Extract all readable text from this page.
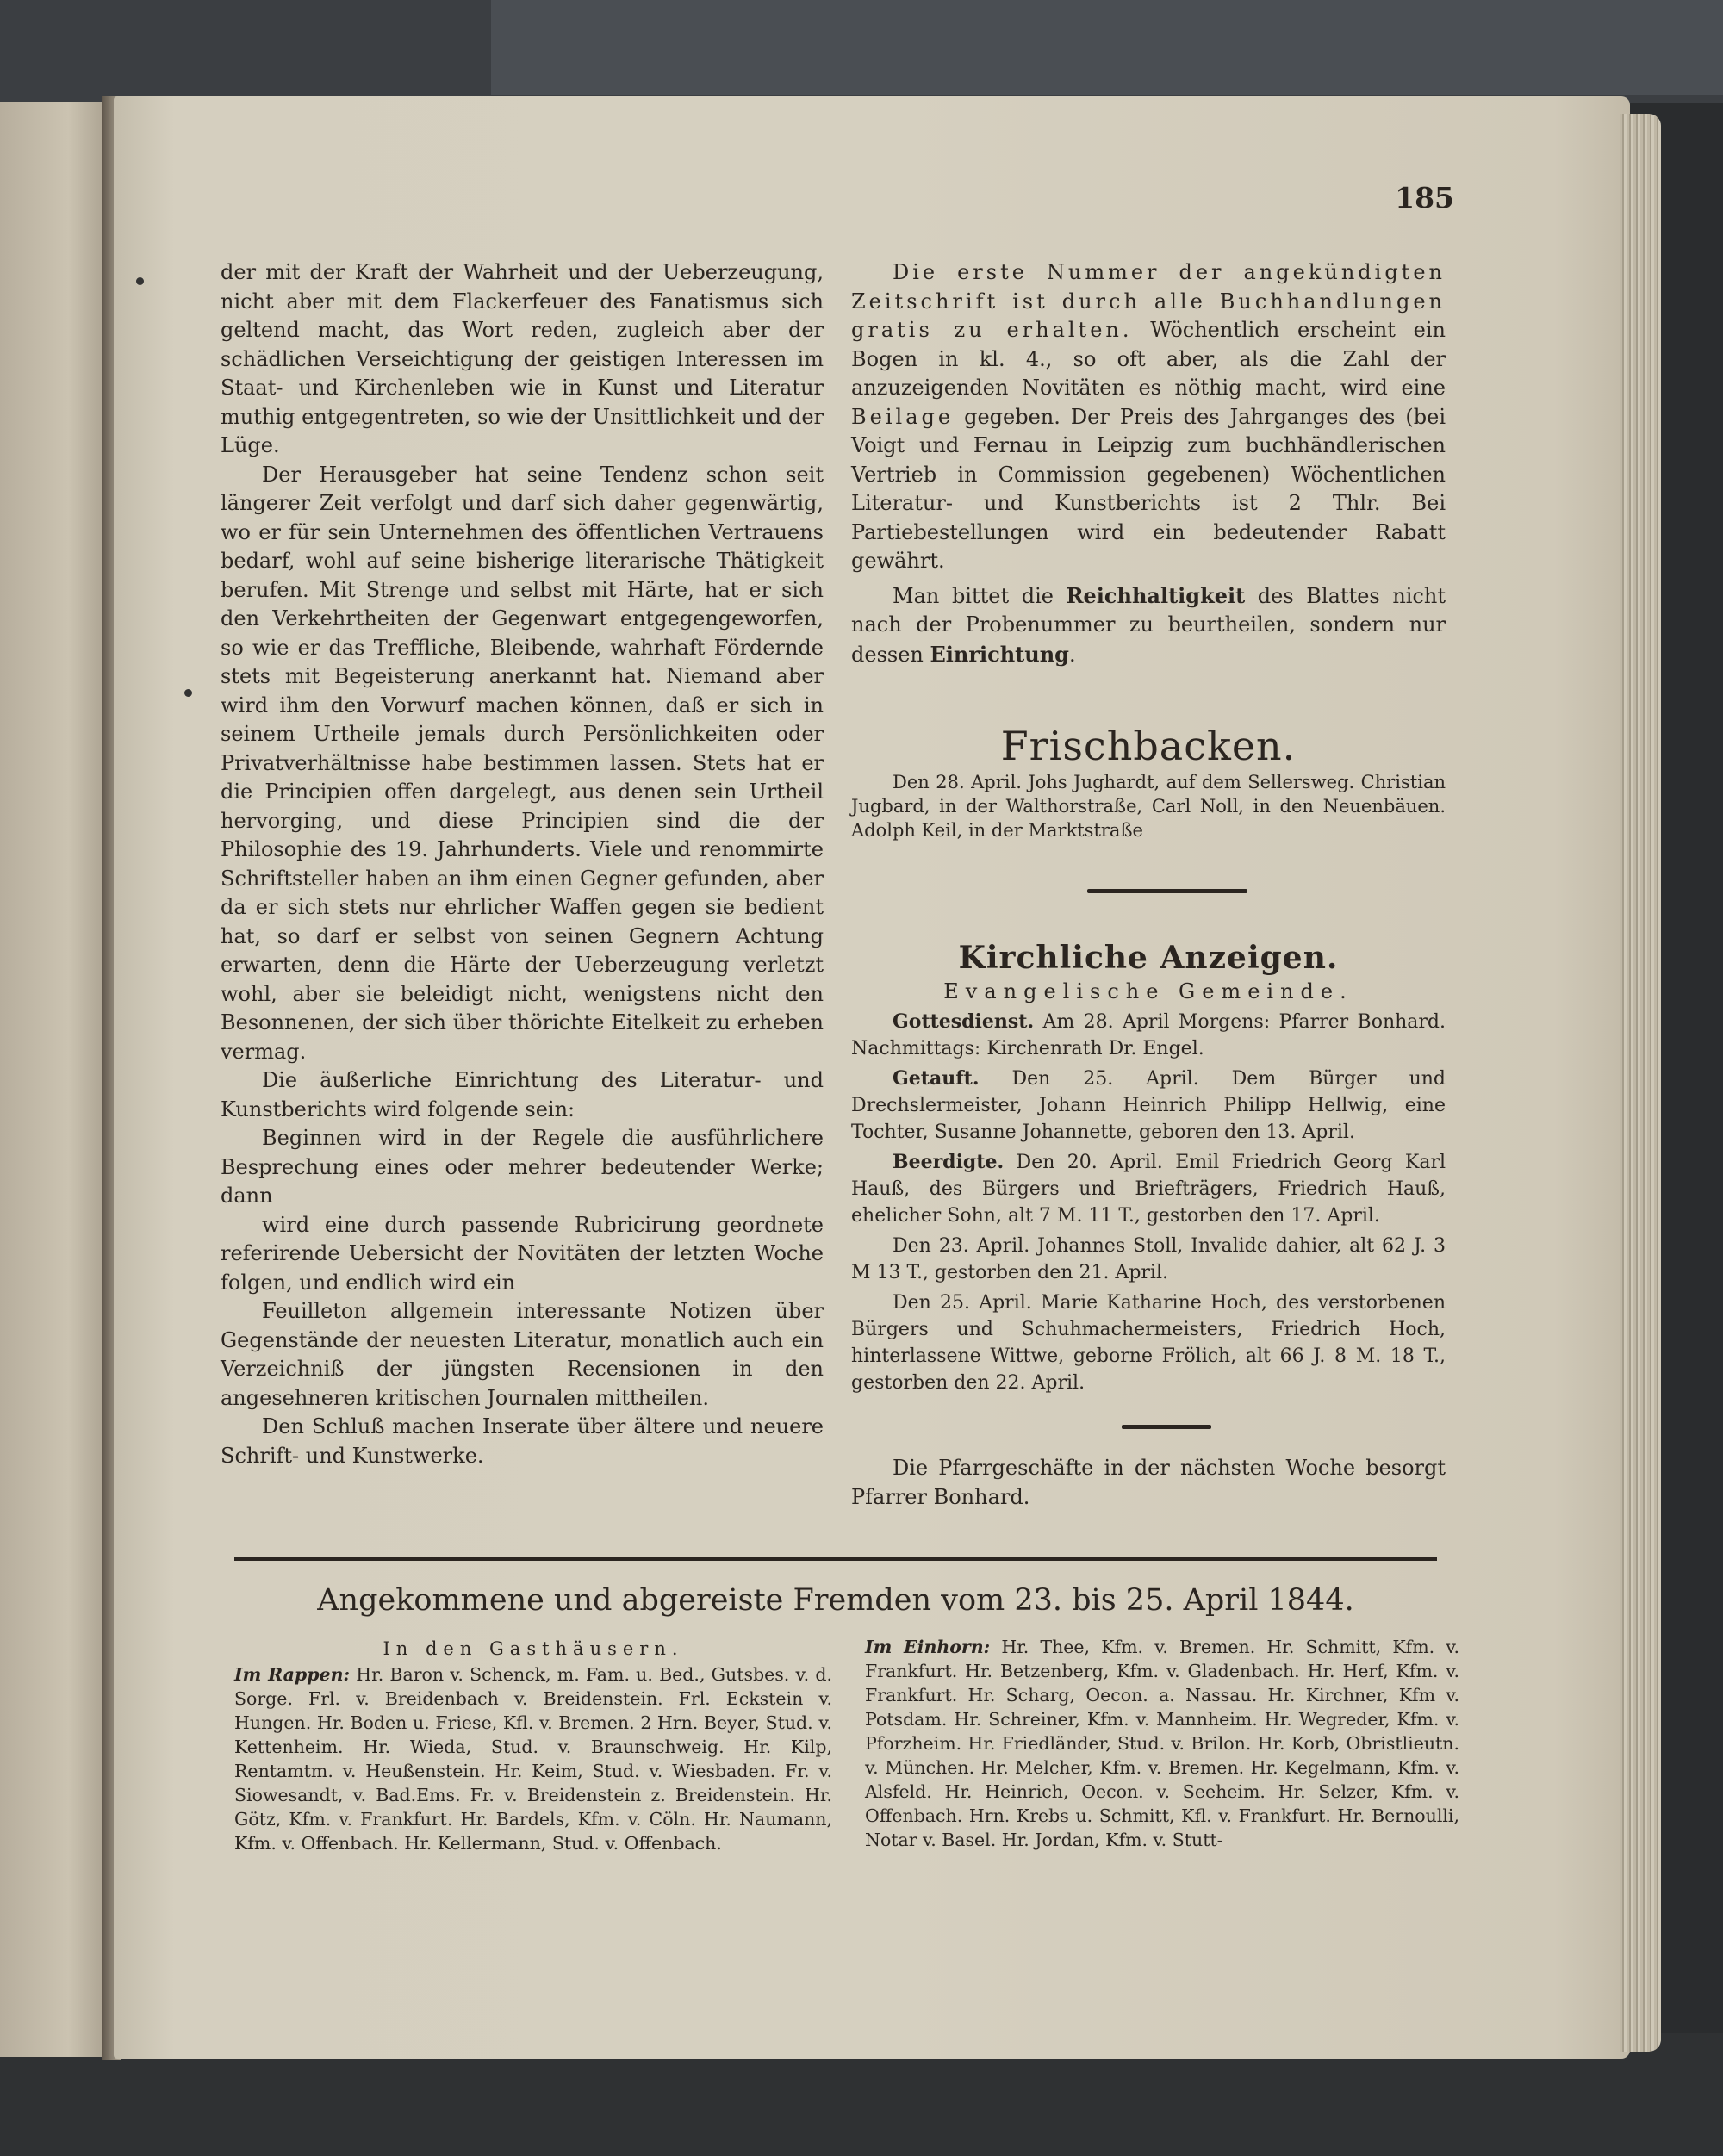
185

der mit der Kraft der Wahrheit und der Ueberzeugung, nicht aber mit dem Flackerfeuer des Fanatismus sich geltend macht, das Wort reden, zugleich aber der schädlichen Verseichtigung der geistigen Interessen im Staat- und Kirchenleben wie in Kunst und Literatur muthig entgegentreten, so wie der Unsittlichkeit und der Lüge.

Der Herausgeber hat seine Tendenz schon seit längerer Zeit verfolgt und darf sich daher gegenwärtig, wo er für sein Unternehmen des öffentlichen Vertrauens bedarf, wohl auf seine bisherige literarische Thätigkeit berufen. Mit Strenge und selbst mit Härte, hat er sich den Verkehrtheiten der Gegenwart entgegengeworfen, so wie er das Treffliche, Bleibende, wahrhaft Fördernde stets mit Begeisterung anerkannt hat. Niemand aber wird ihm den Vorwurf machen können, daß er sich in seinem Urtheile jemals durch Persönlichkeiten oder Privatverhältnisse habe bestimmen lassen. Stets hat er die Principien offen dargelegt, aus denen sein Urtheil hervorging, und diese Principien sind die der Philosophie des 19. Jahrhunderts. Viele und renommirte Schriftsteller haben an ihm einen Gegner gefunden, aber da er sich stets nur ehrlicher Waffen gegen sie bedient hat, so darf er selbst von seinen Gegnern Achtung erwarten, denn die Härte der Ueberzeugung verletzt wohl, aber sie beleidigt nicht, wenigstens nicht den Besonnenen, der sich über thörichte Eitelkeit zu erheben vermag.

Die äußerliche Einrichtung des Literatur- und Kunstberichts wird folgende sein:

Beginnen wird in der Regele die ausführlichere Besprechung eines oder mehrer bedeutender Werke; dann

wird eine durch passende Rubricirung geordnete referirende Uebersicht der Novitäten der letzten Woche folgen, und endlich wird ein

Feuilleton allgemein interessante Notizen über Gegenstände der neuesten Literatur, monatlich auch ein Verzeichniß der jüngsten Recensionen in den angesehneren kritischen Journalen mittheilen.

Den Schluß machen Inserate über ältere und neuere Schrift- und Kunstwerke.

Die erste Nummer der angekündigten Zeitschrift ist durch alle Buchhandlungen gratis zu erhalten. Wöchentlich erscheint ein Bogen in kl. 4., so oft aber, als die Zahl der anzuzeigenden Novitäten es nöthig macht, wird eine Beilage gegeben. Der Preis des Jahrganges des (bei Voigt und Fernau in Leipzig zum buchhändlerischen Vertrieb in Commission gegebenen) Wöchentlichen Literatur- und Kunstberichts ist 2 Thlr. Bei Partiebestellungen wird ein bedeutender Rabatt gewährt.

Man bittet die Reichhaltigkeit des Blattes nicht nach der Probenummer zu beurtheilen, sondern nur dessen Einrichtung.

Frischbacken.

Den 28. April. Johs Jughardt, auf dem Sellersweg. Christian Jugbard, in der Walthorstraße, Carl Noll, in den Neuenbäuen. Adolph Keil, in der Marktstraße

Kirchliche Anzeigen.
Evangelische Gemeinde.

Gottesdienst. Am 28. April Morgens: Pfarrer Bonhard. Nachmittags: Kirchenrath Dr. Engel.

Getauft. Den 25. April. Dem Bürger und Drechslermeister, Johann Heinrich Philipp Hellwig, eine Tochter, Susanne Johannette, geboren den 13. April.

Beerdigte. Den 20. April. Emil Friedrich Georg Karl Hauß, des Bürgers und Briefträgers, Friedrich Hauß, ehelicher Sohn, alt 7 M. 11 T., gestorben den 17. April.

Den 23. April. Johannes Stoll, Invalide dahier, alt 62 J. 3 M 13 T., gestorben den 21. April.

Den 25. April. Marie Katharine Hoch, des verstorbenen Bürgers und Schuhmachermeisters, Friedrich Hoch, hinterlassene Wittwe, geborne Frölich, alt 66 J. 8 M. 18 T., gestorben den 22. April.

Die Pfarrgeschäfte in der nächsten Woche besorgt Pfarrer Bonhard.

Angekommene und abgereiste Fremden vom 23. bis 25. April 1844.
In den Gasthäusern.

Im Rappen: Hr. Baron v. Schenck, m. Fam. u. Bed., Gutsbes. v. d. Sorge. Frl. v. Breidenbach v. Breidenstein. Frl. Eckstein v. Hungen. Hr. Boden u. Friese, Kfl. v. Bremen. 2 Hrn. Beyer, Stud. v. Kettenheim. Hr. Wieda, Stud. v. Braunschweig. Hr. Kilp, Rentamtm. v. Heußenstein. Hr. Keim, Stud. v. Wiesbaden. Fr. v. Siowesandt, v. Bad.Ems. Fr. v. Breidenstein z. Breidenstein. Hr. Götz, Kfm. v. Frankfurt. Hr. Bardels, Kfm. v. Cöln. Hr. Naumann, Kfm. v. Offenbach. Hr. Kellermann, Stud. v. Offenbach.

Im Einhorn: Hr. Thee, Kfm. v. Bremen. Hr. Schmitt, Kfm. v. Frankfurt. Hr. Betzenberg, Kfm. v. Gladenbach. Hr. Herf, Kfm. v. Frankfurt. Hr. Scharg, Oecon. a. Nassau. Hr. Kirchner, Kfm v. Potsdam. Hr. Schreiner, Kfm. v. Mannheim. Hr. Wegreder, Kfm. v. Pforzheim. Hr. Friedländer, Stud. v. Brilon. Hr. Korb, Obristlieutn. v. München. Hr. Melcher, Kfm. v. Bremen. Hr. Kegelmann, Kfm. v. Alsfeld. Hr. Heinrich, Oecon. v. Seeheim. Hr. Selzer, Kfm. v. Offenbach. Hrn. Krebs u. Schmitt, Kfl. v. Frankfurt. Hr. Bernoulli, Notar v. Basel. Hr. Jordan, Kfm. v. Stutt-
